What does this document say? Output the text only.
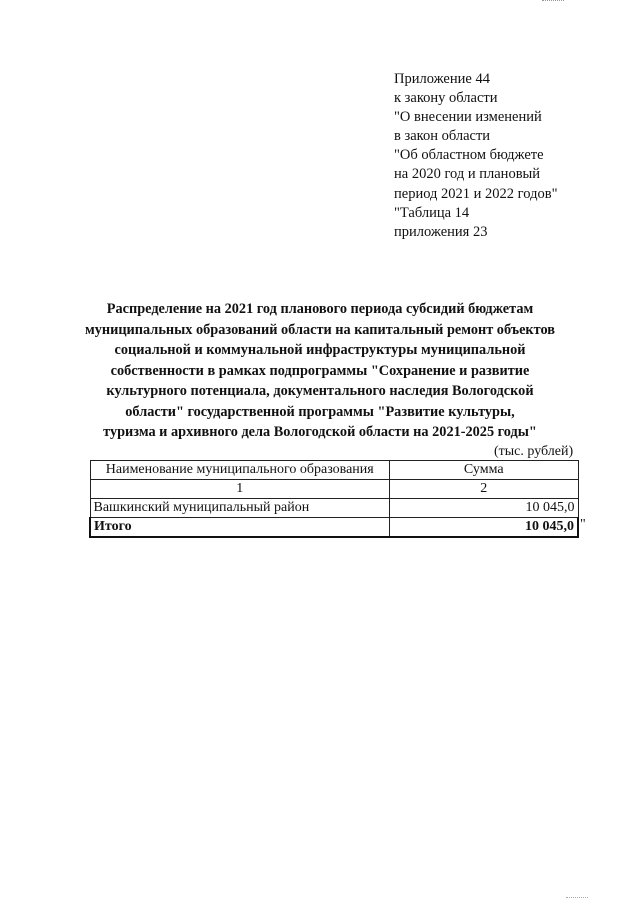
Приложение 44
к закону области
"О внесении изменений
в закон области
"Об областном бюджете
на 2020 год и плановый
период 2021 и 2022 годов"
"Таблица 14
приложения 23
Распределение на 2021 год планового периода субсидий бюджетам
муниципальных образований области на капитальный ремонт объектов
социальной и коммунальной инфраструктуры муниципальной
собственности в рамках подпрограммы "Сохранение и развитие
культурного потенциала, документального наследия Вологодской
области" государственной программы "Развитие культуры,
туризма и архивного дела Вологодской области на 2021-2025 годы"
(тыс. рублей)
Наименование муниципального образования	Сумма
1	2
Вашкинский муниципальный район	10 045,0
Итого	10 045,0 "
